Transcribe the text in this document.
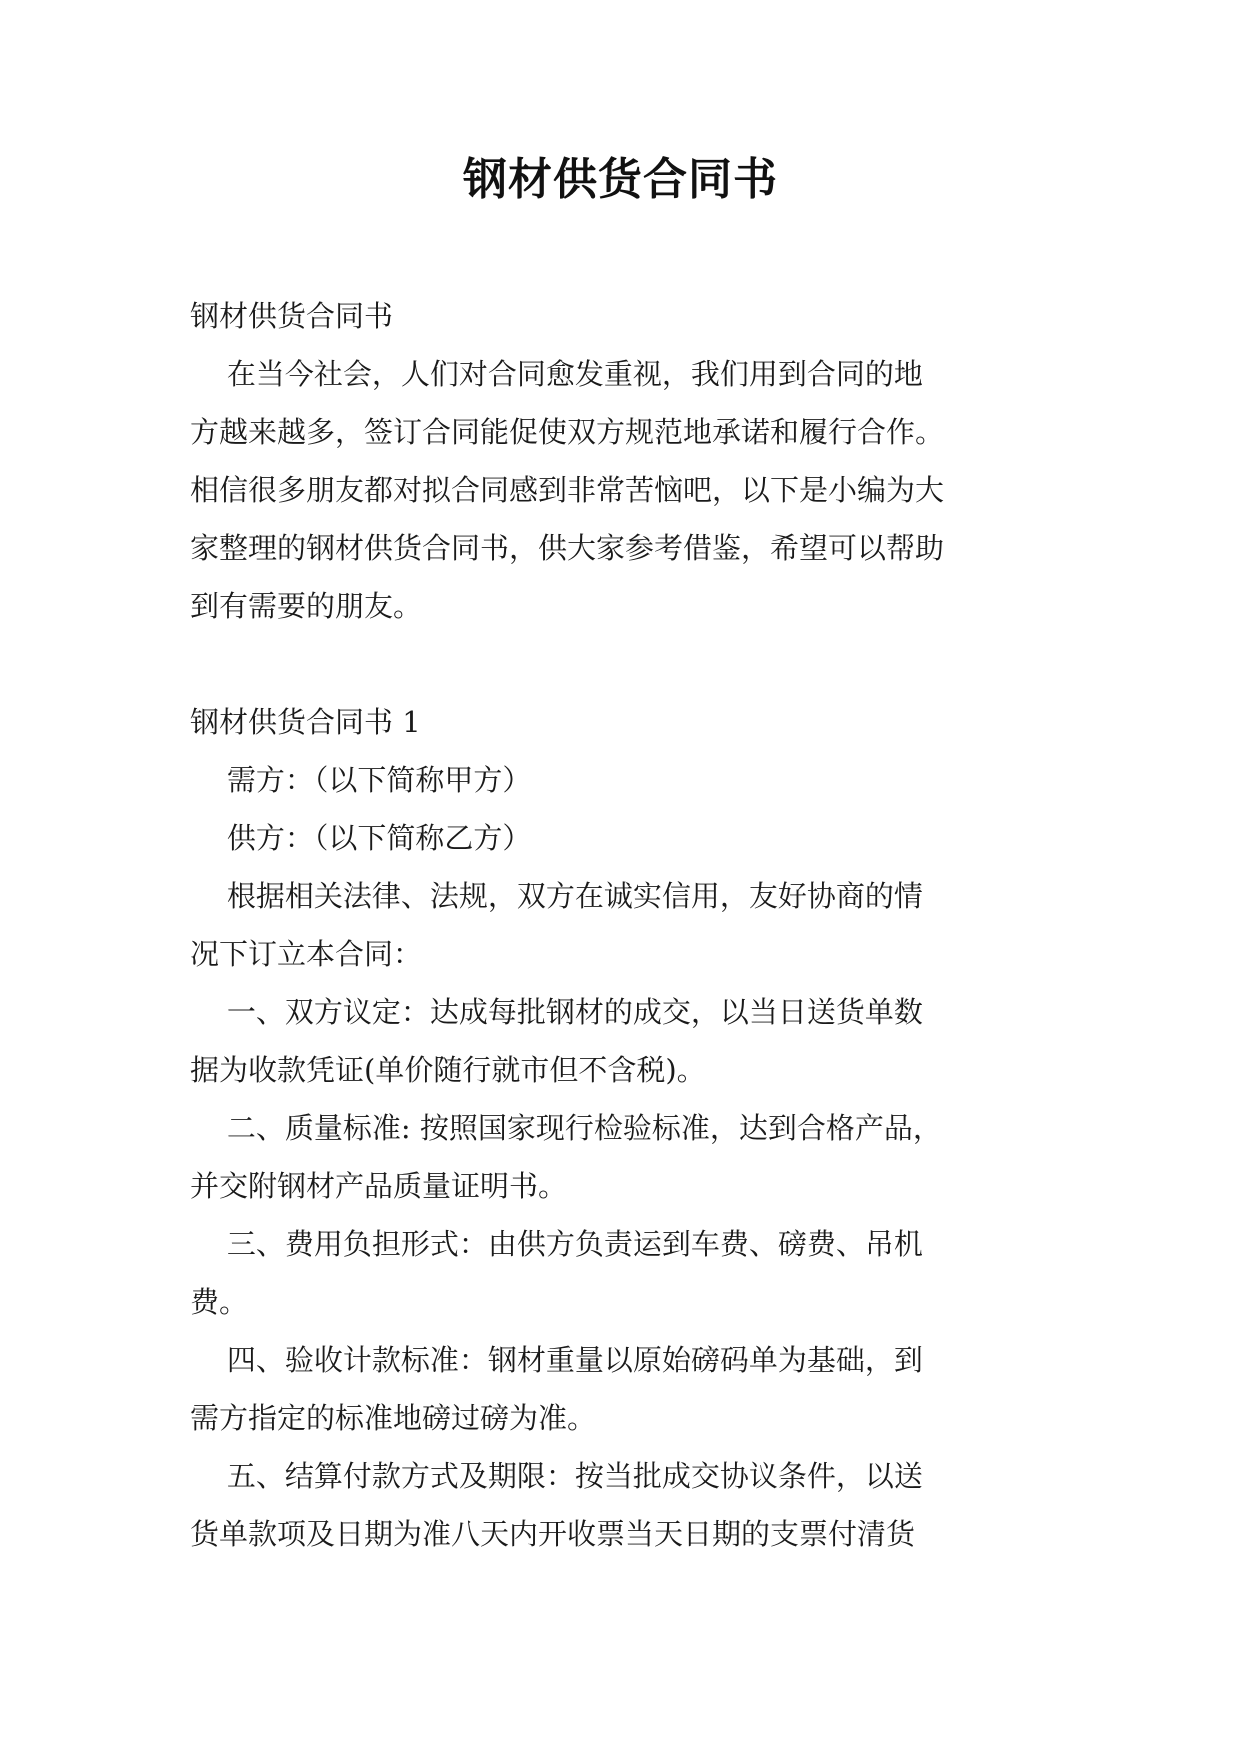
钢材供货合同书

钢材供货合同书

在当今社会，人们对合同愈发重视，我们用到合同的地

方越来越多，签订合同能促使双方规范地承诺和履行合作。

相信很多朋友都对拟合同感到非常苦恼吧，以下是小编为大

家整理的钢材供货合同书，供大家参考借鉴，希望可以帮助

到有需要的朋友。

钢材供货合同书 1

需方：（以下简称甲方）

供方：（以下简称乙方）

根据相关法律、法规，双方在诚实信用，友好协商的情

况下订立本合同：

一、双方议定：达成每批钢材的成交，以当日送货单数

据为收款凭证(单价随行就市但不含税)。

二、质量标准: 按照国家现行检验标准，达到合格产品，

并交附钢材产品质量证明书。

三、费用负担形式：由供方负责运到车费、磅费、吊机

费。

四、验收计款标准：钢材重量以原始磅码单为基础，到

需方指定的标准地磅过磅为准。

五、结算付款方式及期限：按当批成交协议条件，以送

货单款项及日期为准八天内开收票当天日期的支票付清货
